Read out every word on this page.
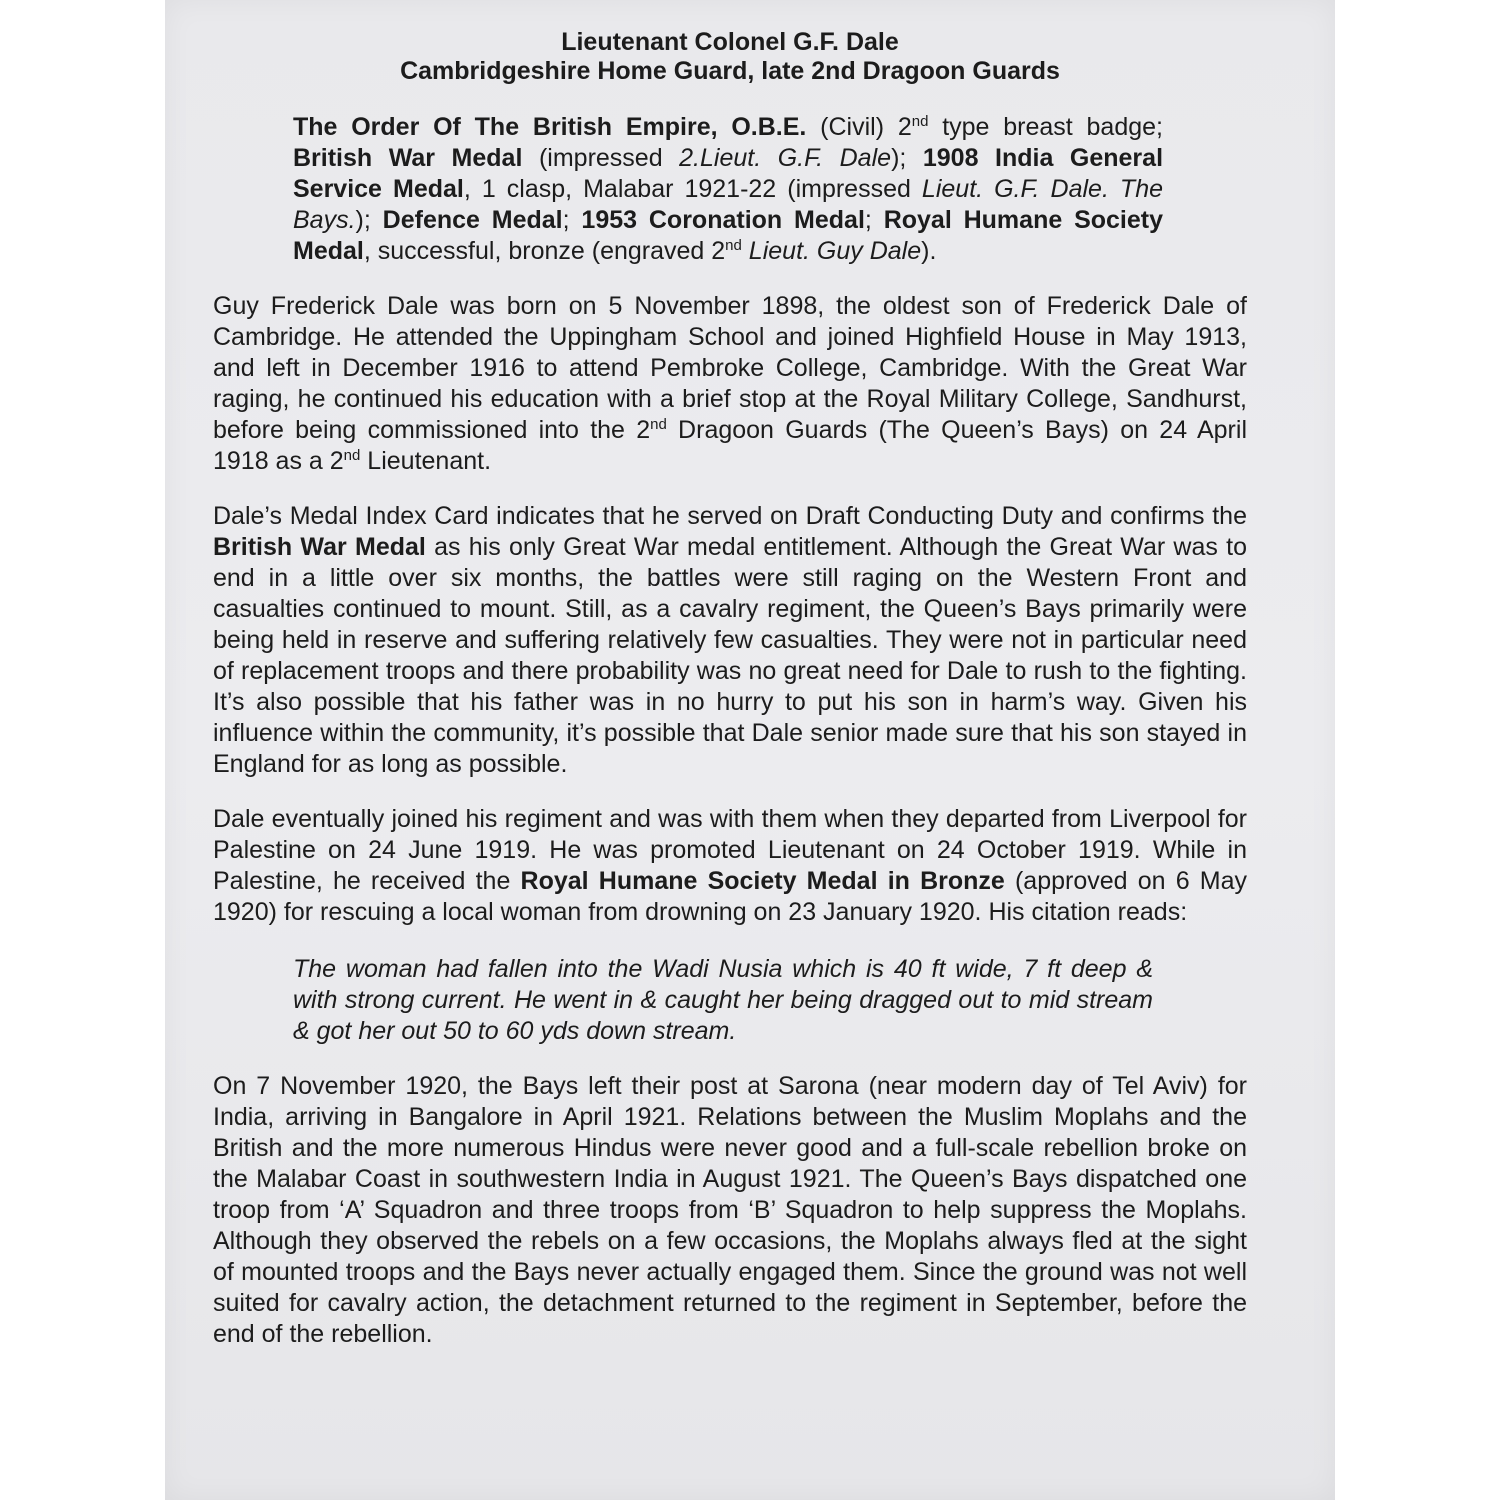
Lieutenant Colonel G.F. Dale
Cambridgeshire Home Guard, late 2nd Dragoon Guards
The Order Of The British Empire, O.B.E. (Civil) 2nd type breast badge; British War Medal (impressed 2.Lieut. G.F. Dale); 1908 India General Service Medal, 1 clasp, Malabar 1921-22 (impressed Lieut. G.F. Dale. The Bays.); Defence Medal; 1953 Coronation Medal; Royal Humane Society Medal, successful, bronze (engraved 2nd Lieut. Guy Dale).

Guy Frederick Dale was born on 5 November 1898, the oldest son of Frederick Dale of Cambridge. He attended the Uppingham School and joined Highfield House in May 1913, and left in December 1916 to attend Pembroke College, Cambridge. With the Great War raging, he continued his education with a brief stop at the Royal Military College, Sandhurst, before being commissioned into the 2nd Dragoon Guards (The Queen’s Bays) on 24 April 1918 as a 2nd Lieutenant.

Dale’s Medal Index Card indicates that he served on Draft Conducting Duty and confirms the British War Medal as his only Great War medal entitlement. Although the Great War was to end in a little over six months, the battles were still raging on the Western Front and casualties continued to mount. Still, as a cavalry regiment, the Queen’s Bays primarily were being held in reserve and suffering relatively few casualties. They were not in particular need of replacement troops and there probability was no great need for Dale to rush to the fighting. It’s also possible that his father was in no hurry to put his son in harm’s way. Given his influence within the community, it’s possible that Dale senior made sure that his son stayed in England for as long as possible.

Dale eventually joined his regiment and was with them when they departed from Liverpool for Palestine on 24 June 1919. He was promoted Lieutenant on 24 October 1919. While in Palestine, he received the Royal Humane Society Medal in Bronze (approved on 6 May 1920) for rescuing a local woman from drowning on 23 January 1920. His citation reads:

The woman had fallen into the Wadi Nusia which is 40 ft wide, 7 ft deep & with strong current. He went in & caught her being dragged out to mid stream & got her out 50 to 60 yds down stream.

On 7 November 1920, the Bays left their post at Sarona (near modern day of Tel Aviv) for India, arriving in Bangalore in April 1921. Relations between the Muslim Moplahs and the British and the more numerous Hindus were never good and a full-scale rebellion broke on the Malabar Coast in southwestern India in August 1921. The Queen’s Bays dispatched one troop from ‘A’ Squadron and three troops from ‘B’ Squadron to help suppress the Moplahs. Although they observed the rebels on a few occasions, the Moplahs always fled at the sight of mounted troops and the Bays never actually engaged them. Since the ground was not well suited for cavalry action, the detachment returned to the regiment in September, before the end of the rebellion.
